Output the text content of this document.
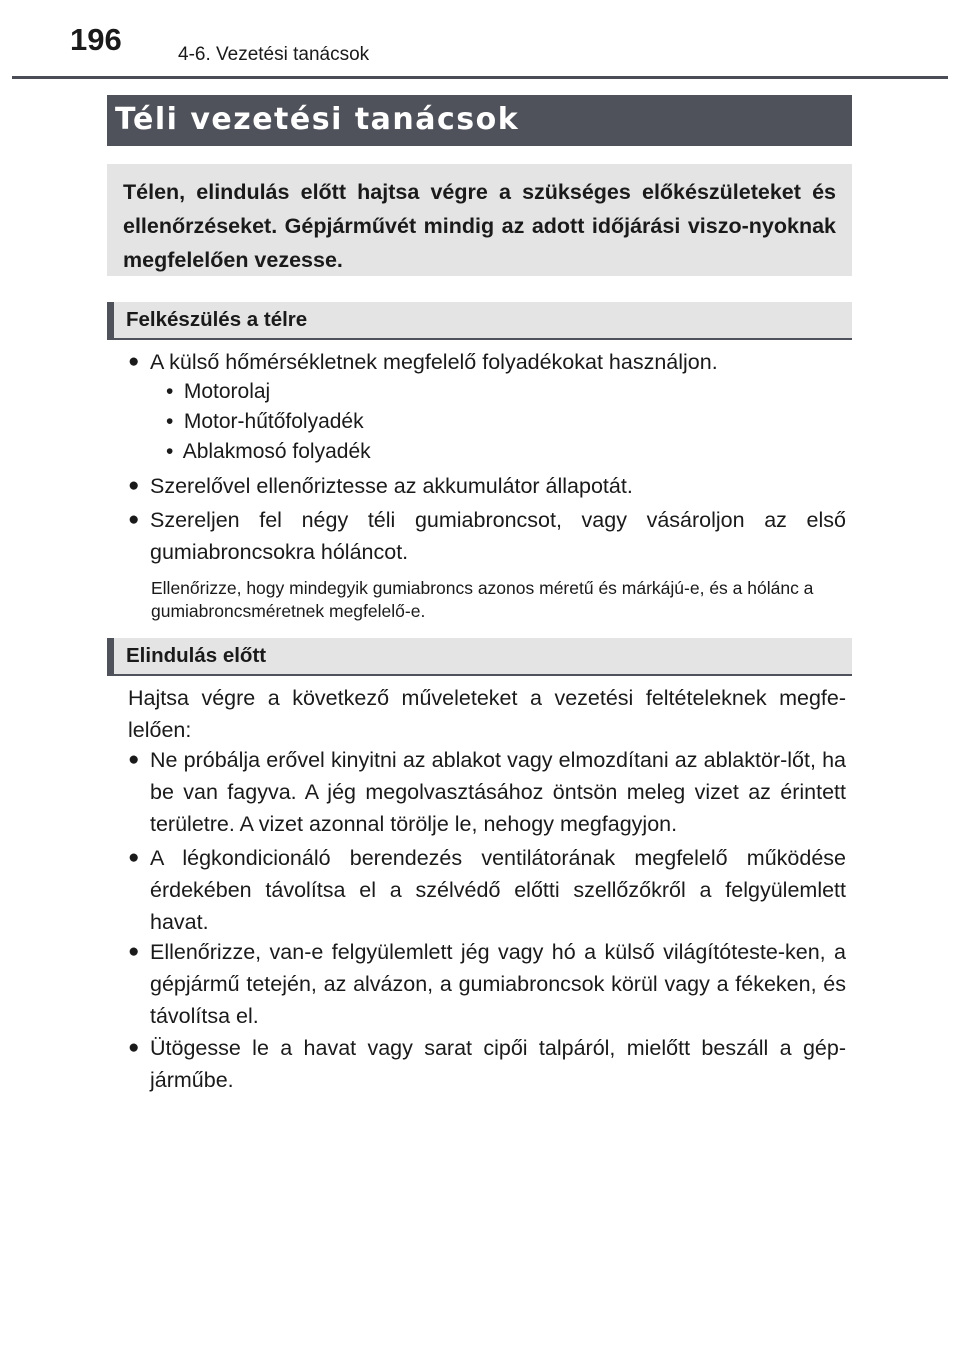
196	4-6. Vezetési tanácsok
Téli vezetési tanácsok

Télen, elindulás előtt hajtsa végre a szükséges előkészületeket és ellenőrzéseket. Gépjárművét mindig az adott időjárási viszo-nyoknak megfelelően vezesse.

Felkészülés a télre
● A külső hőmérsékletnek megfelelő folyadékokat használjon.
• Motorolaj
• Motor-hűtőfolyadék
• Ablakmosó folyadék
● Szerelővel ellenőriztesse az akkumulátor állapotát.
● Szereljen fel négy téli gumiabroncsot, vagy vásároljon az első gumiabroncsokra hóláncot.
Ellenőrizze, hogy mindegyik gumiabroncs azonos méretű és márkájú-e, és a hólánc a gumiabroncsméretnek megfelelő-e.
Elindulás előtt
Hajtsa végre a következő műveleteket a vezetési feltételeknek megfe-lelően:
● Ne próbálja erővel kinyitni az ablakot vagy elmozdítani az ablaktör-lőt, ha be van fagyva. A jég megolvasztásához öntsön meleg vizet az érintett területre. A vizet azonnal törölje le, nehogy megfagyjon.
● A légkondicionáló berendezés ventilátorának megfelelő működése érdekében távolítsa el a szélvédő előtti szellőzőkről a felgyülemlett havat.
● Ellenőrizze, van-e felgyülemlett jég vagy hó a külső világítóteste-ken, a gépjármű tetején, az alvázon, a gumiabroncsok körül vagy a fékeken, és távolítsa el.
● Ütögesse le a havat vagy sarat cipői talpáról, mielőtt beszáll a gép-járműbe.
